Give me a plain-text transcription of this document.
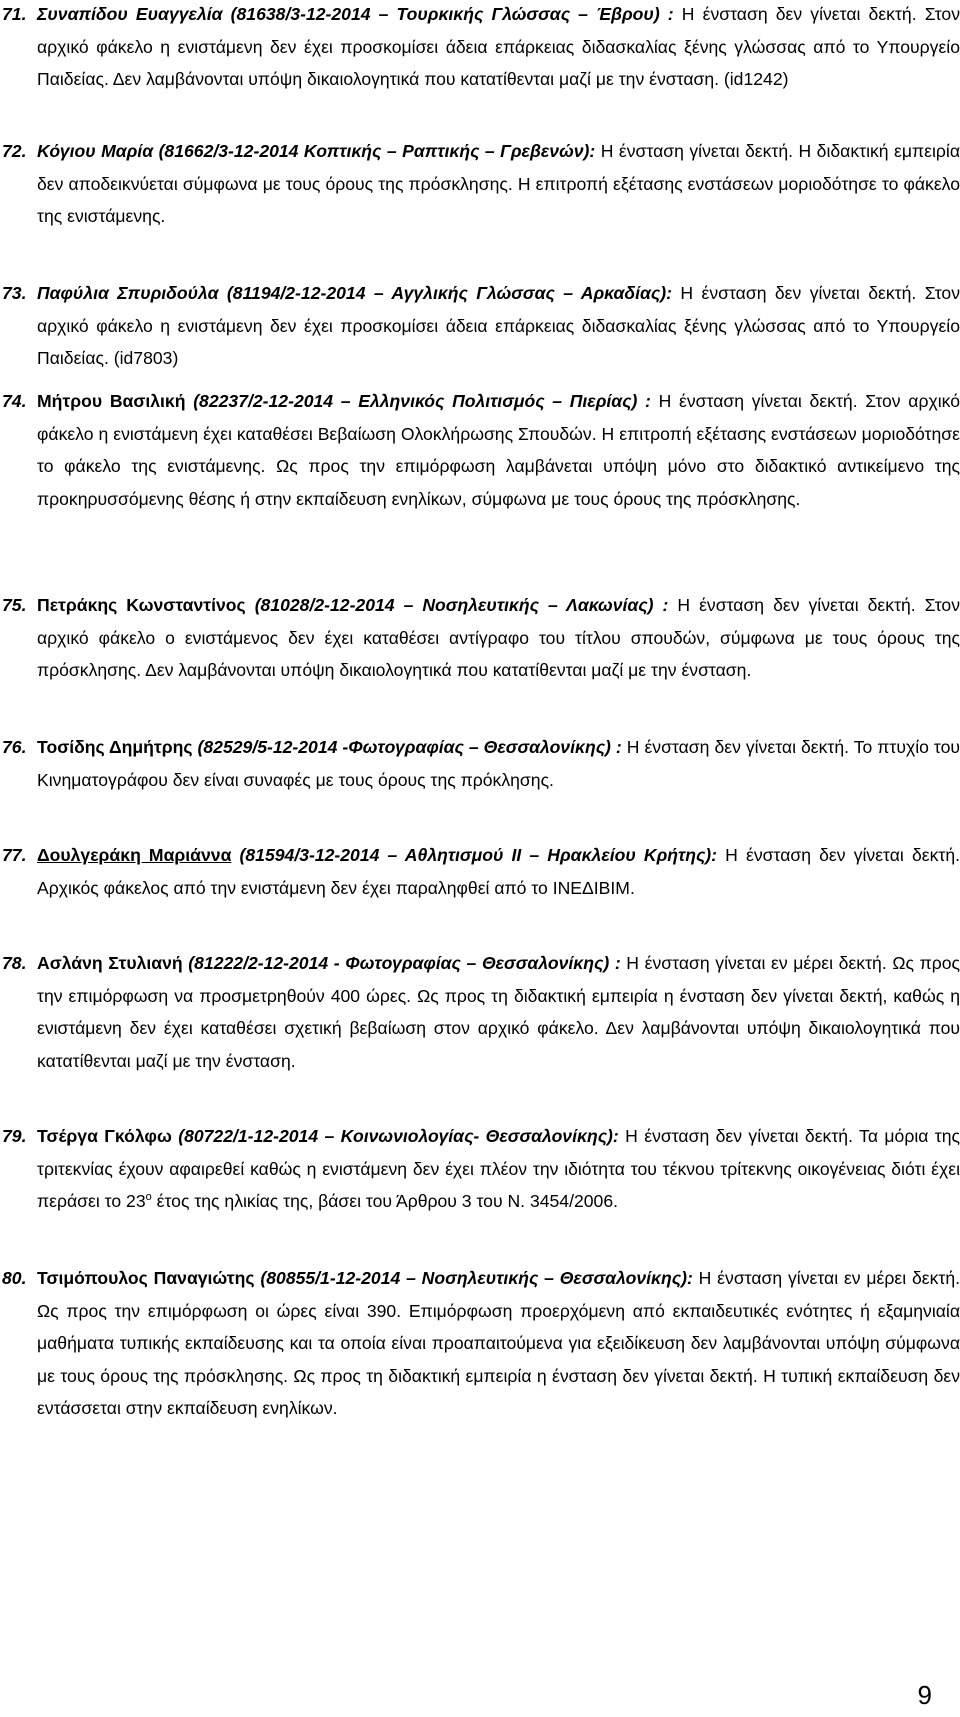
71. Συναπίδου Ευαγγελία (81638/3-12-2014 – Τουρκικής Γλώσσας – Έβρου) : Η ένσταση δεν γίνεται δεκτή. Στον αρχικό φάκελο η ενιστάμενη δεν έχει προσκομίσει άδεια επάρκειας διδασκαλίας ξένης γλώσσας από το Υπουργείο Παιδείας. Δεν λαμβάνονται υπόψη δικαιολογητικά που κατατίθενται μαζί με την ένσταση. (id1242)
72. Κόγιου Μαρία (81662/3-12-2014 Κοπτικής – Ραπτικής – Γρεβενών): Η ένσταση γίνεται δεκτή. Η διδακτική εμπειρία δεν αποδεικνύεται σύμφωνα με τους όρους της πρόσκλησης. Η επιτροπή εξέτασης ενστάσεων μοριοδότησε το φάκελο της ενιστάμενης.
73. Παφύλια Σπυριδούλα (81194/2-12-2014 – Αγγλικής Γλώσσας – Αρκαδίας): Η ένσταση δεν γίνεται δεκτή. Στον αρχικό φάκελο η ενιστάμενη δεν έχει προσκομίσει άδεια επάρκειας διδασκαλίας ξένης γλώσσας από το Υπουργείο Παιδείας. (id7803)
74. Μήτρου Βασιλική (82237/2-12-2014 – Ελληνικός Πολιτισμός – Πιερίας) : Η ένσταση γίνεται δεκτή. Στον αρχικό φάκελο η ενιστάμενη έχει καταθέσει Βεβαίωση Ολοκλήρωσης Σπουδών. Η επιτροπή εξέτασης ενστάσεων μοριοδότησε το φάκελο της ενιστάμενης. Ως προς την επιμόρφωση λαμβάνεται υπόψη μόνο στο διδακτικό αντικείμενο της προκηρυσσόμενης θέσης ή στην εκπαίδευση ενηλίκων, σύμφωνα με τους όρους της πρόσκλησης.
75. Πετράκης Κωνσταντίνος (81028/2-12-2014 – Νοσηλευτικής – Λακωνίας) : Η ένσταση δεν γίνεται δεκτή. Στον αρχικό φάκελο ο ενιστάμενος δεν έχει καταθέσει αντίγραφο του τίτλου σπουδών, σύμφωνα με τους όρους της πρόσκλησης. Δεν λαμβάνονται υπόψη δικαιολογητικά που κατατίθενται μαζί με την ένσταση.
76. Τοσίδης Δημήτρης (82529/5-12-2014 -Φωτογραφίας – Θεσσαλονίκης) : Η ένσταση δεν γίνεται δεκτή. Το πτυχίο του Κινηματογράφου δεν είναι συναφές με τους όρους της πρόκλησης.
77. Δουλγεράκη Μαριάννα (81594/3-12-2014 – Αθλητισμού ΙΙ – Ηρακλείου Κρήτης): Η ένσταση δεν γίνεται δεκτή. Αρχικός φάκελος από την ενιστάμενη δεν έχει παραληφθεί από το ΙΝΕΔΙΒΙΜ.
78. Ασλάνη Στυλιανή (81222/2-12-2014 - Φωτογραφίας – Θεσσαλονίκης) : Η ένσταση γίνεται εν μέρει δεκτή. Ως προς την επιμόρφωση να προσμετρηθούν 400 ώρες. Ως προς τη διδακτική εμπειρία η ένσταση δεν γίνεται δεκτή, καθώς η ενιστάμενη δεν έχει καταθέσει σχετική βεβαίωση στον αρχικό φάκελο. Δεν λαμβάνονται υπόψη δικαιολογητικά που κατατίθενται μαζί με την ένσταση.
79. Τσέργα Γκόλφω (80722/1-12-2014 – Κοινωνιολογίας- Θεσσαλονίκης): Η ένσταση δεν γίνεται δεκτή. Τα μόρια της τριτεκνίας έχουν αφαιρεθεί καθώς η ενιστάμενη δεν έχει πλέον την ιδιότητα του τέκνου τρίτεκνης οικογένειας διότι έχει περάσει το $23^o$ έτος της ηλικίας της, βάσει του Άρθρου 3 του Ν. 3454/2006.
80. Τσιμόπουλος Παναγιώτης (80855/1-12-2014 – Νοσηλευτικής – Θεσσαλονίκης): Η ένσταση γίνεται εν μέρει δεκτή. Ως προς την επιμόρφωση οι ώρες είναι 390. Επιμόρφωση προερχόμενη από εκπαιδευτικές ενότητες ή εξαμηνιαία μαθήματα τυπικής εκπαίδευσης και τα οποία είναι προαπαιτούμενα για εξειδίκευση δεν λαμβάνονται υπόψη σύμφωνα με τους όρους της πρόσκλησης. Ως προς τη διδακτική εμπειρία η ένσταση δεν γίνεται δεκτή. Η τυπική εκπαίδευση δεν εντάσσεται στην εκπαίδευση ενηλίκων.
9
